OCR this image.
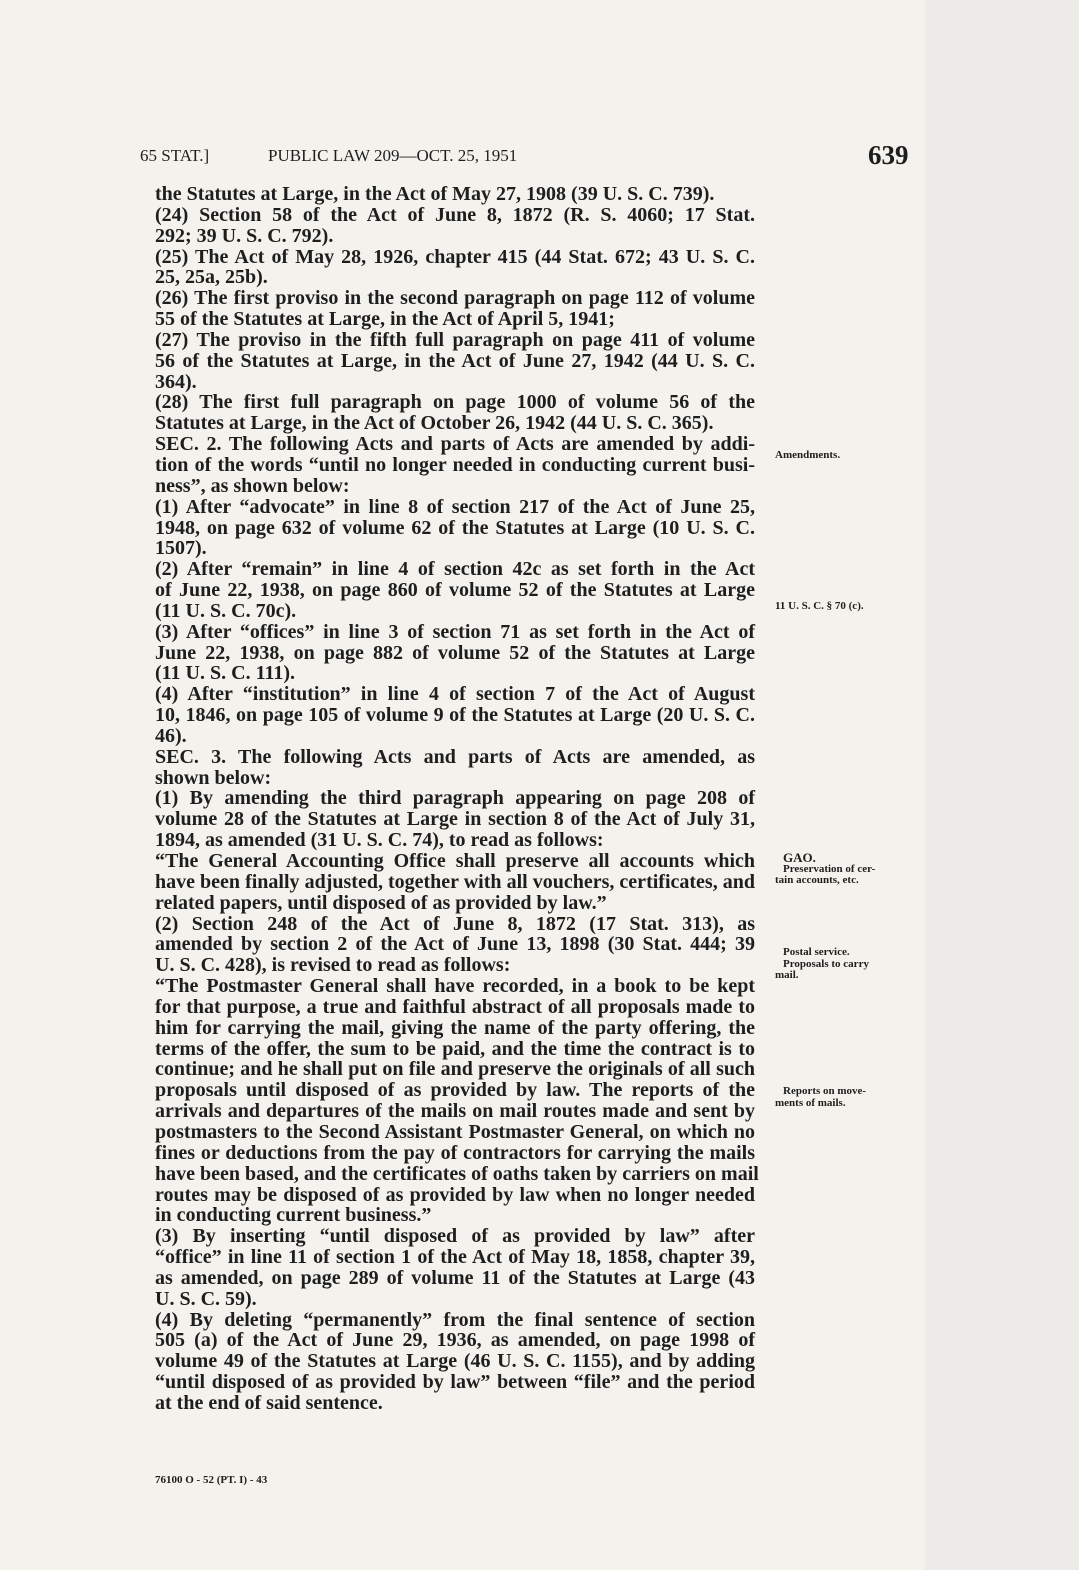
65 STAT.]	PUBLIC LAW 209—OCT. 25, 1951	639
the Statutes at Large, in the Act of May 27, 1908 (39 U. S. C. 739).
(24) Section 58 of the Act of June 8, 1872 (R. S. 4060; 17 Stat.
292; 39 U. S. C. 792).
(25) The Act of May 28, 1926, chapter 415 (44 Stat. 672; 43 U. S. C.
25, 25a, 25b).
(26) The first proviso in the second paragraph on page 112 of volume
55 of the Statutes at Large, in the Act of April 5, 1941;
(27) The proviso in the fifth full paragraph on page 411 of volume
56 of the Statutes at Large, in the Act of June 27, 1942 (44 U. S. C.
364).
(28) The first full paragraph on page 1000 of volume 56 of the
Statutes at Large, in the Act of October 26, 1942 (44 U. S. C. 365).
SEC. 2. The following Acts and parts of Acts are amended by addi-
tion of the words “until no longer needed in conducting current busi-
ness”, as shown below:
(1) After “advocate” in line 8 of section 217 of the Act of June 25,
1948, on page 632 of volume 62 of the Statutes at Large (10 U. S. C.
1507).
(2) After “remain” in line 4 of section 42c as set forth in the Act
of June 22, 1938, on page 860 of volume 52 of the Statutes at Large
(11 U. S. C. 70c).
(3) After “offices” in line 3 of section 71 as set forth in the Act of
June 22, 1938, on page 882 of volume 52 of the Statutes at Large
(11 U. S. C. 111).
(4) After “institution” in line 4 of section 7 of the Act of August
10, 1846, on page 105 of volume 9 of the Statutes at Large (20 U. S. C.
46).
SEC. 3. The following Acts and parts of Acts are amended, as
shown below:
(1) By amending the third paragraph appearing on page 208 of
volume 28 of the Statutes at Large in section 8 of the Act of July 31,
1894, as amended (31 U. S. C. 74), to read as follows:
“The General Accounting Office shall preserve all accounts which
have been finally adjusted, together with all vouchers, certificates, and
related papers, until disposed of as provided by law.”
(2) Section 248 of the Act of June 8, 1872 (17 Stat. 313), as
amended by section 2 of the Act of June 13, 1898 (30 Stat. 444; 39
U. S. C. 428), is revised to read as follows:
“The Postmaster General shall have recorded, in a book to be kept
for that purpose, a true and faithful abstract of all proposals made to
him for carrying the mail, giving the name of the party offering, the
terms of the offer, the sum to be paid, and the time the contract is to
continue; and he shall put on file and preserve the originals of all such
proposals until disposed of as provided by law. The reports of the
arrivals and departures of the mails on mail routes made and sent by
postmasters to the Second Assistant Postmaster General, on which no
fines or deductions from the pay of contractors for carrying the mails
have been based, and the certificates of oaths taken by carriers on mail
routes may be disposed of as provided by law when no longer needed
in conducting current business.”
(3) By inserting “until disposed of as provided by law” after
“office” in line 11 of section 1 of the Act of May 18, 1858, chapter 39,
as amended, on page 289 of volume 11 of the Statutes at Large (43
U. S. C. 59).
(4) By deleting “permanently” from the final sentence of section
505 (a) of the Act of June 29, 1936, as amended, on page 1998 of
volume 49 of the Statutes at Large (46 U. S. C. 1155), and by adding
“until disposed of as provided by law” between “file” and the period
at the end of said sentence.
Amendments.
11 U. S. C. § 70 (c).
GAO.
Preservation of cer-
tain accounts, etc.
Postal service.
Proposals to carry
mail.
Reports on move-
ments of mails.
76100 O - 52 (PT. I) - 43
